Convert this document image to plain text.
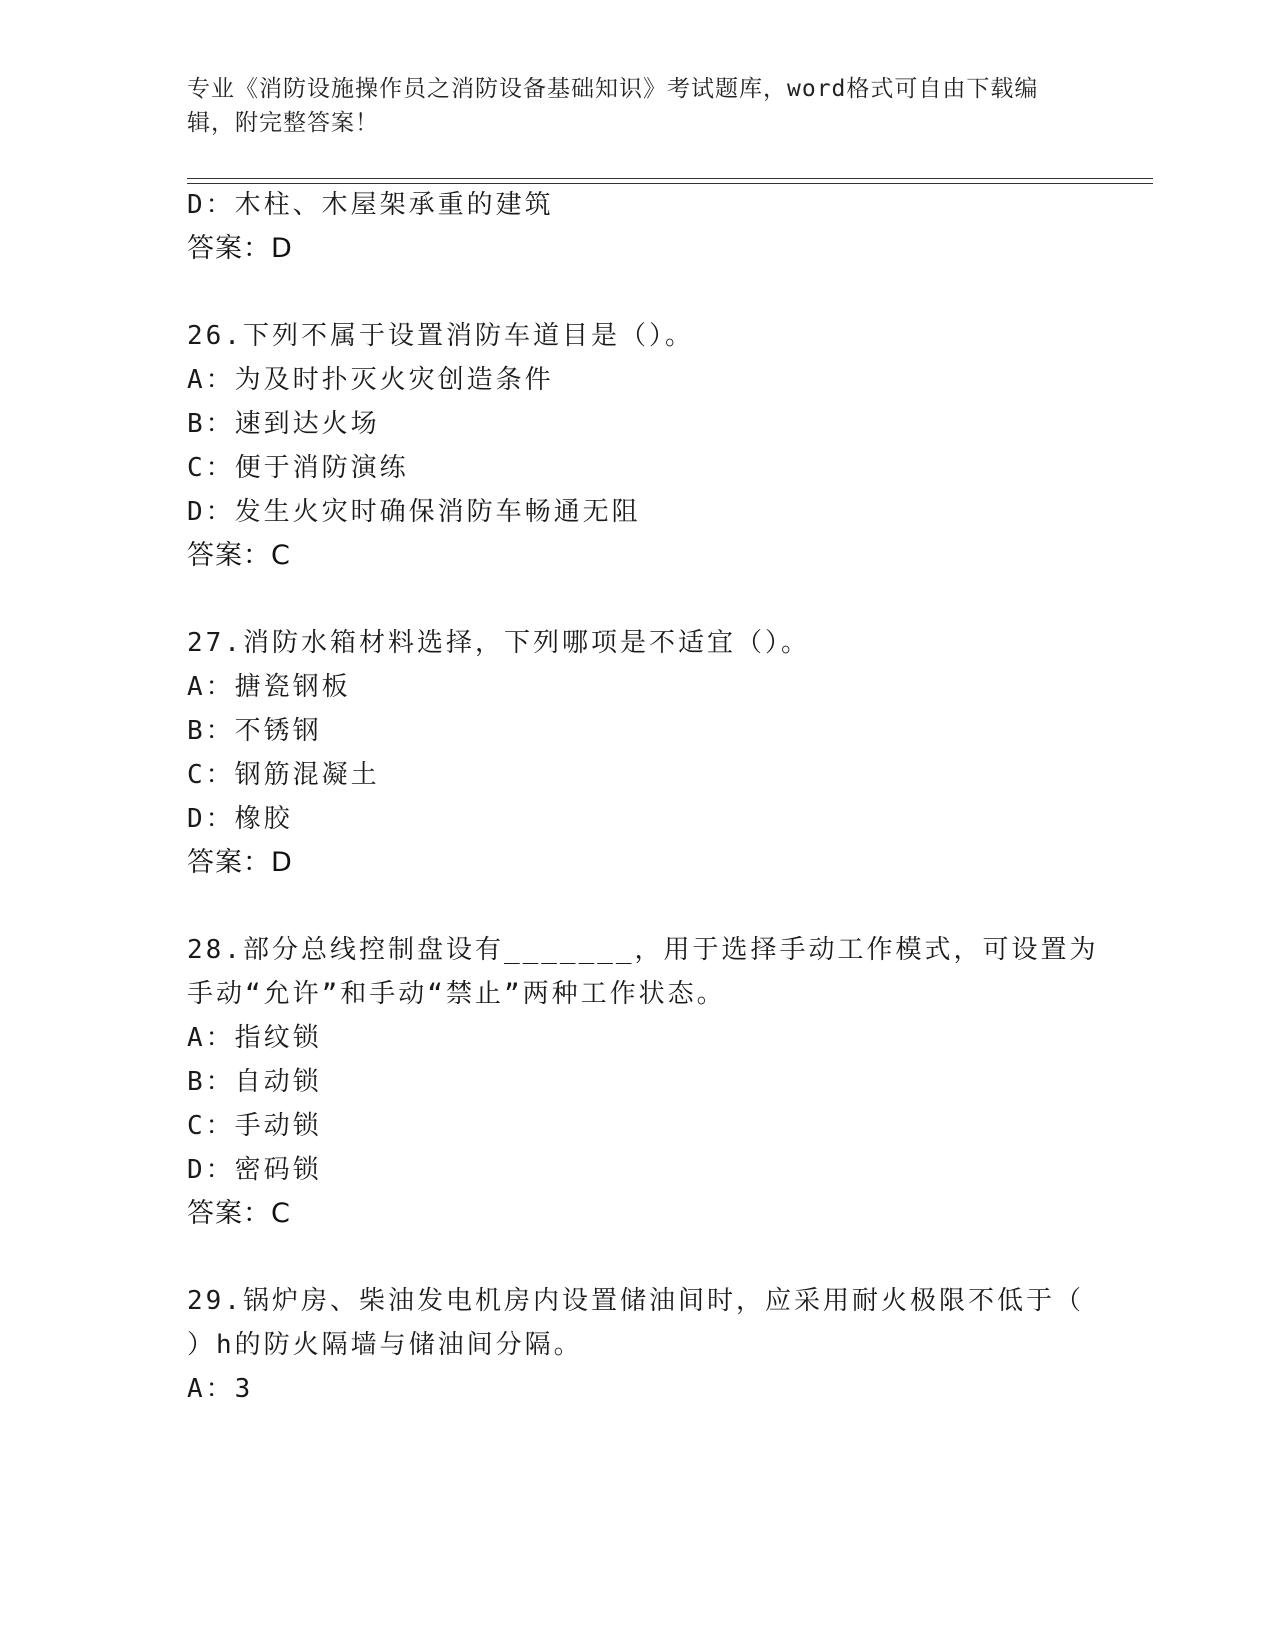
专业《消防设施操作员之消防设备基础知识》考试题库，word格式可自由下载编
辑，附完整答案！
D：木柱、木屋架承重的建筑
答案：D
26.下列不属于设置消防车道目是（）。
A：为及时扑灭火灾创造条件
B：速到达火场
C：便于消防演练
D：发生火灾时确保消防车畅通无阻
答案：C
27.消防水箱材料选择，下列哪项是不适宜（）。
A：搪瓷钢板
B：不锈钢
C：钢筋混凝土
D：橡胶
答案：D
28.部分总线控制盘设有_______，用于选择手动工作模式，可设置为
手动“允许”和手动“禁止”两种工作状态。
A：指纹锁
B：自动锁
C：手动锁
D：密码锁
答案：C
29.锅炉房、柴油发电机房内设置储油间时，应采用耐火极限不低于（
）h的防火隔墙与储油间分隔。
A：3
